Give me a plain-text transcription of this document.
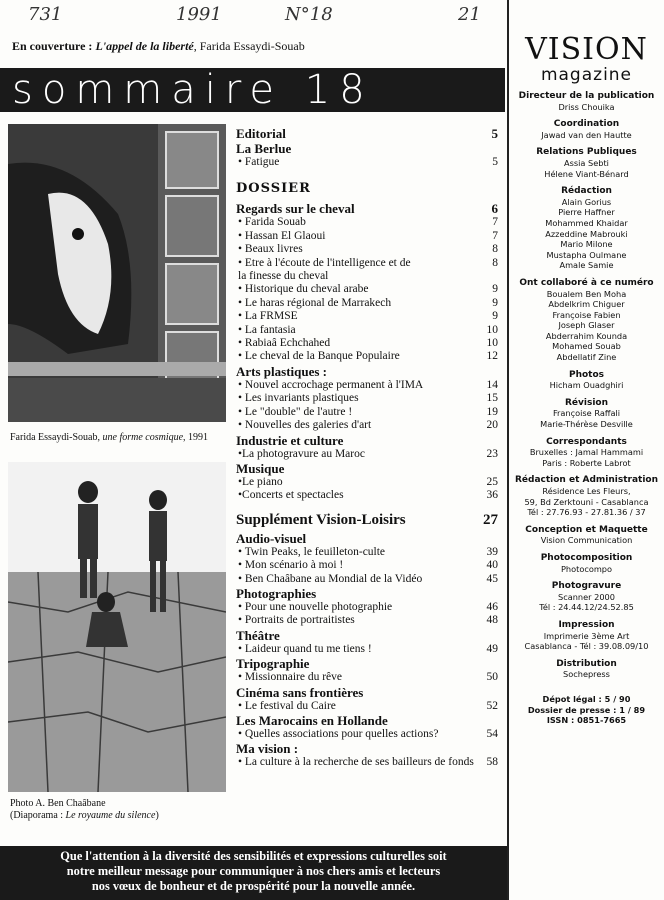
731	1991	N°18	21
En couverture : L'appel de la liberté, Farida Essaydi-Souab
sommaire 18
Farida Essaydi-Souab, une forme cosmique, 1991
Photo A. Ben Chaâbane
(Diaporama : Le royaume du silence)
Editorial	5
La Berlue
• Fatigue	5
DOSSIER
Regards sur le cheval	6
• Farida Souab	7
• Hassan El Glaoui	7
• Beaux livres	8
• Etre à l'écoute de l'intelligence et de	8
la finesse du cheval
• Historique du cheval arabe	9
• Le haras régional de Marrakech	9
• La FRMSE	9
• La fantasia	10
• Rabiaâ Echchahed	10
• Le cheval de la Banque Populaire	12
Arts plastiques :
• Nouvel accrochage permanent à l'IMA	14
• Les invariants plastiques	15
• Le "double" de l'autre !	19
• Nouvelles des galeries d'art	20
Industrie et culture
•La photogravure au Maroc	23
Musique
•Le piano	25
•Concerts et spectacles	36
Supplément Vision-Loisirs	27
Audio-visuel
• Twin Peaks, le feuilleton-culte	39
• Mon scénario à moi !	40
• Ben Chaâbane au Mondial de la Vidéo	45
Photographies
• Pour une nouvelle photographie	46
• Portraits de portraitistes	48
Théâtre
• Laideur quand tu me tiens !	49
Tripographie
• Missionnaire du rêve	50
Cinéma sans frontières
• Le festival du Caire	52
Les Marocains en Hollande
• Quelles associations pour quelles actions?	54
Ma vision :
• La culture à la recherche de ses bailleurs de fonds	58
VISION
magazine
Directeur de la publication
Driss Chouika
Coordination
Jawad van den Hautte
Relations Publiques
Assia Sebti
Hélene Viant-Bénard
Rédaction
Alain Gorius
Pierre Haffner
Mohammed Khaidar
Azzeddine Mabrouki
Mario Milone
Mustapha Oulmane
Amale Samie
Ont collaboré à ce numéro
Boualem Ben Moha
Abdelkrim Chiguer
Françoise Fabien
Joseph Glaser
Abderrahim Kounda
Mohamed Souab
Abdellatif Zine
Photos
Hicham Ouadghiri
Révision
Françoise Raffali
Marie-Thérèse Desville
Correspondants
Bruxelles : Jamal Hammami
Paris : Roberte Labrot
Rédaction et Administration
Résidence Les Fleurs,
59, Bd Zerktouni - Casablanca
Tél : 27.76.93 - 27.81.36 / 37
Conception et Maquette
Vision Communication
Photocomposition
Photocompo
Photogravure
Scanner 2000
Tél : 24.44.12/24.52.85
Impression
Imprimerie 3ème Art
Casablanca - Tél : 39.08.09/10
Distribution
Sochepress
Dépot légal : 5 / 90
Dossier de presse : 1 / 89
ISSN : 0851-7665
Que l'attention à la diversité des sensibilités et expressions culturelles soit
notre meilleur message pour communiquer à nos chers amis et lecteurs
nos vœux de bonheur et de prospérité pour la nouvelle année.
